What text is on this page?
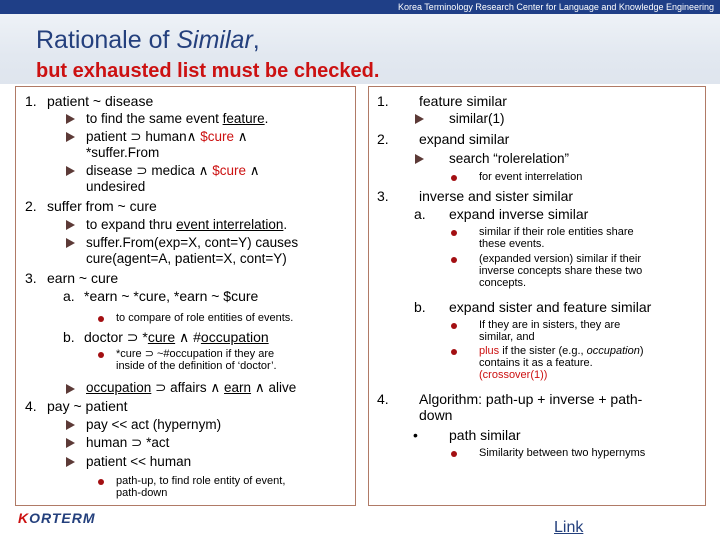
Korea Terminology Research Center for Language and Knowledge Engineering
Rationale of Similar,
but exhausted list must be checked.
1. patient ~ disease
to find the same event feature.
patient ⊃ human∧ $cure ∧
*suffer.From
disease ⊃ medica ∧ $cure ∧
undesired
2. suffer from ~ cure
to expand thru event interrelation.
suffer.From(exp=X, cont=Y) causes
cure(agent=A, patient=X, cont=Y)
3. earn ~ cure
a. *earn ~ *cure, *earn ~ $cure
to compare of role entities of events.
b. doctor ⊃ *cure ∧ #occupation
*cure ⊃ ~#occupation if they are
inside of the definition of ‘doctor’.
occupation ⊃ affairs ∧ earn ∧ alive
4. pay ~ patient
pay << act (hypernym)
human ⊃ *act
patient << human
path-up, to find role entity of event,
path-down
1. feature similar
similar(1)
2. expand similar
search “rolerelation”
for event interrelation
3. inverse and sister similar
a. expand inverse similar
similar if their role entities share
these events.
(expanded version) similar if their
inverse concepts share these two
concepts.
b. expand sister and feature similar
If they are in sisters, they are
similar, and
plus if the sister (e.g., occupation)
contains it as a feature.
(crossover(1))
4. Algorithm: path-up + inverse + path-
down
• path similar
Similarity between two hypernyms
KORTERM
Link
